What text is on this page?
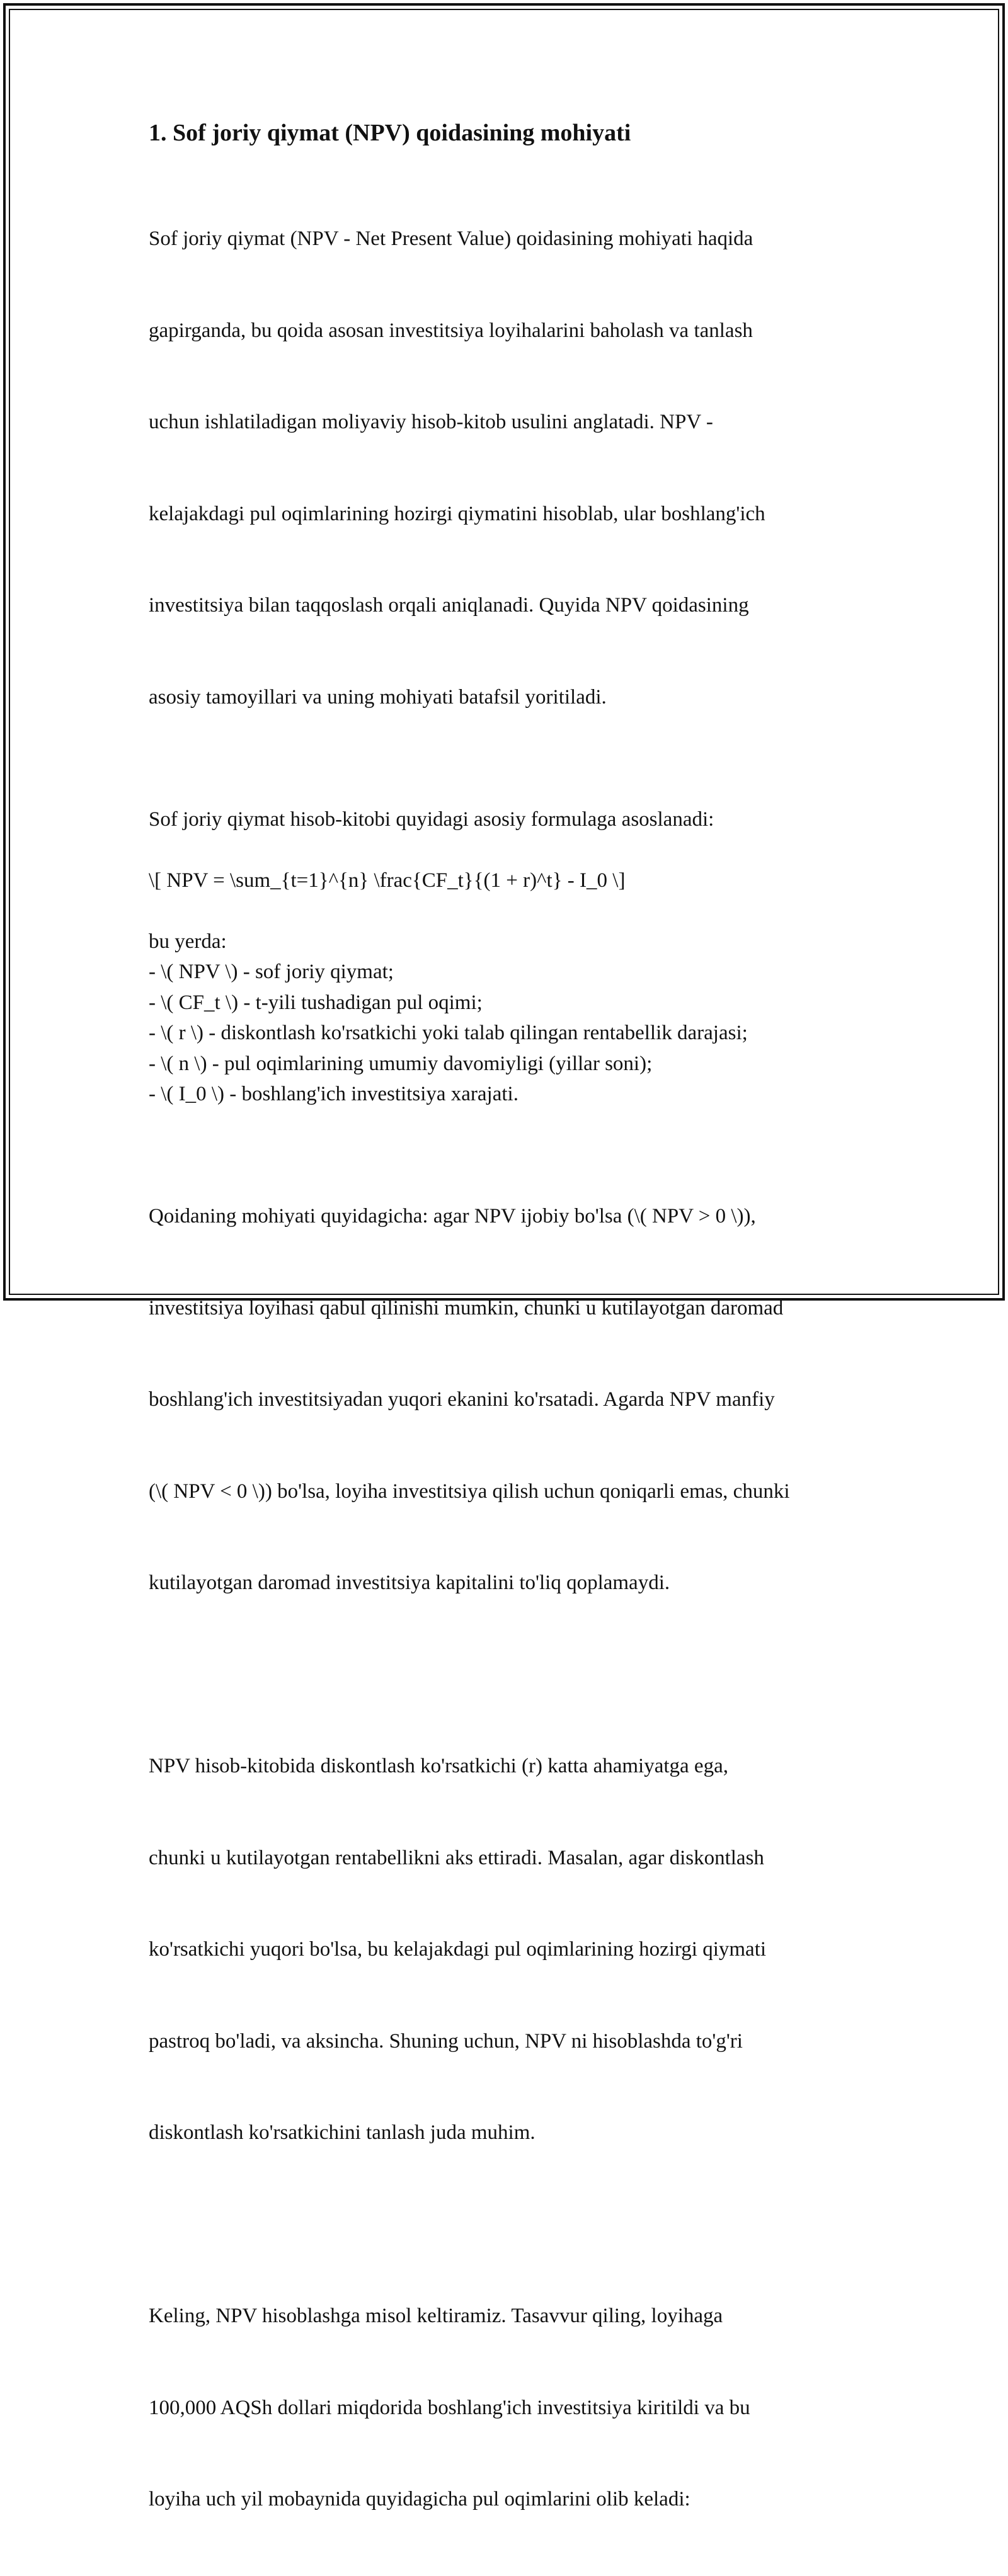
1. Sof joriy qiymat (NPV) qoidasining mohiyati

Sof joriy qiymat (NPV - Net Present Value) qoidasining mohiyati haqida

gapirganda, bu qoida asosan investitsiya loyihalarini baholash va tanlash

uchun ishlatiladigan moliyaviy hisob-kitob usulini anglatadi. NPV -

kelajakdagi pul oqimlarining hozirgi qiymatini hisoblab, ular boshlang'ich

investitsiya bilan taqqoslash orqali aniqlanadi. Quyida NPV qoidasining

asosiy tamoyillari va uning mohiyati batafsil yoritiladi.

Sof joriy qiymat hisob-kitobi quyidagi asosiy formulaga asoslanadi:
\[ NPV = \sum_{t=1}^{n} \frac{CF_t}{(1 + r)^t} - I_0 \]
bu yerda:
- \( NPV \) - sof joriy qiymat;
- \( CF_t \) - t-yili tushadigan pul oqimi;
- \( r \) - diskontlash ko'rsatkichi yoki talab qilingan rentabellik darajasi;
- \( n \) - pul oqimlarining umumiy davomiyligi (yillar soni);
- \( I_0 \) - boshlang'ich investitsiya xarajati.

Qoidaning mohiyati quyidagicha: agar NPV ijobiy bo'lsa (\( NPV > 0 \)),

investitsiya loyihasi qabul qilinishi mumkin, chunki u kutilayotgan daromad

boshlang'ich investitsiyadan yuqori ekanini ko'rsatadi. Agarda NPV manfiy

(\( NPV < 0 \)) bo'lsa, loyiha investitsiya qilish uchun qoniqarli emas, chunki

kutilayotgan daromad investitsiya kapitalini to'liq qoplamaydi.

NPV hisob-kitobida diskontlash ko'rsatkichi (r) katta ahamiyatga ega,

chunki u kutilayotgan rentabellikni aks ettiradi. Masalan, agar diskontlash

ko'rsatkichi yuqori bo'lsa, bu kelajakdagi pul oqimlarining hozirgi qiymati

pastroq bo'ladi, va aksincha. Shuning uchun, NPV ni hisoblashda to'g'ri

diskontlash ko'rsatkichini tanlash juda muhim.

Keling, NPV hisoblashga misol keltiramiz. Tasavvur qiling, loyihaga

100,000 AQSh dollari miqdorida boshlang'ich investitsiya kiritildi va bu

loyiha uch yil mobaynida quyidagicha pul oqimlarini olib keladi:
